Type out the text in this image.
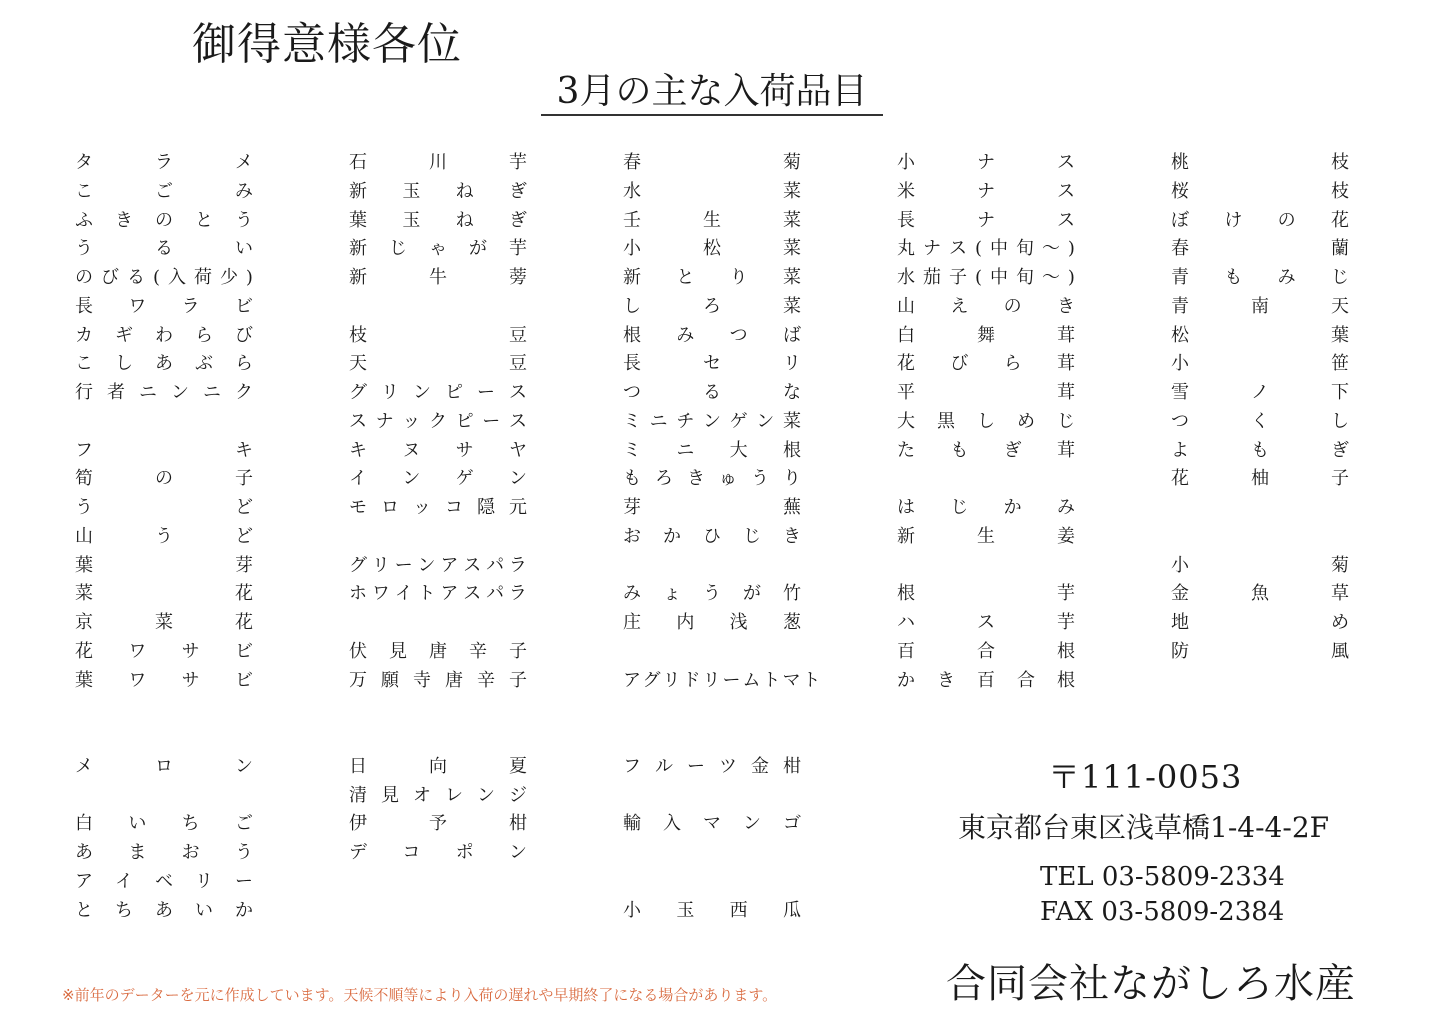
御得意様各位
3月の主な入荷品目
タ	ラ	メ
こ	ご	み
ふ き の と う
う	る	い
の び る ( 入 荷 少 )
長 ワ ラ ビ
カ ギ わ ら び
こ し あ ぶ ら
行 者 ニ ン ニ ク
フ	キ
筍	の	子
う	ど
山	う	ど
葉	芽
菜	花
京	菜	花
花 ワ サ ビ
葉 ワ サ ビ
メ	ロ	ン
白 い ち ご
あ ま お う
ア イ ベ リ ー
と ち あ い か
石	川	芋
新 玉 ね ぎ
葉 玉 ね ぎ
新 じ ゃ が 芋
新	牛	蒡
枝	豆
天	豆
グ リ ン ピ ー ス
ス ナ ッ ク ピ ー ス
キ ヌ サ ヤ
イ ン ゲ ン
モ ロ ッ コ 隠 元
グ リ ー ン ア ス パ ラ
ホ ワ イ ト ア ス パ ラ
伏 見 唐 辛 子
万 願 寺 唐 辛 子
日	向	夏
清 見 オ レ ン ジ
伊	予	柑
デ コ ポ ン
春	菊
水	菜
壬	生	菜
小	松	菜
新 と り 菜
し	ろ	菜
根 み つ ば
長	セ	リ
つ	る	な
ミ ニ チ ン ゲ ン 菜
ミ ニ 大 根
も ろ き ゅ う り
芽	蕪
お か ひ じ き
み ょ う が 竹
庄 内 浅 葱
アグリドリームトマト
フ ル ー ツ 金 柑
輸 入 マ ン ゴ
小 玉 西 瓜
小	ナ	ス
米	ナ	ス
長	ナ	ス
丸 ナ ス ( 中 旬 ～ )
水 茄 子 ( 中 旬 ～ )
山 え の き
白	舞	茸
花 び ら 茸
平	茸
大 黒 し め じ
た も ぎ 茸
は じ か み
新	生	姜
根	芋
ハ	ス	芋
百	合	根
か き 百 合 根
桃	枝
桜	枝
ぼ け の 花
春	蘭
青 も み じ
青	南	天
松	葉
小	笹
雪	ノ	下
つ	く	し
よ	も	ぎ
花	柚	子
小	菊
金	魚	草
地	め
防	風

〒111-0053

東京都台東区浅草橋1-4-4-2F

TEL 03-5809-2334

FAX 03-5809-2384

合同会社ながしろ水産

※前年のデーターを元に作成しています。天候不順等により入荷の遅れや早期終了になる場合があります。
